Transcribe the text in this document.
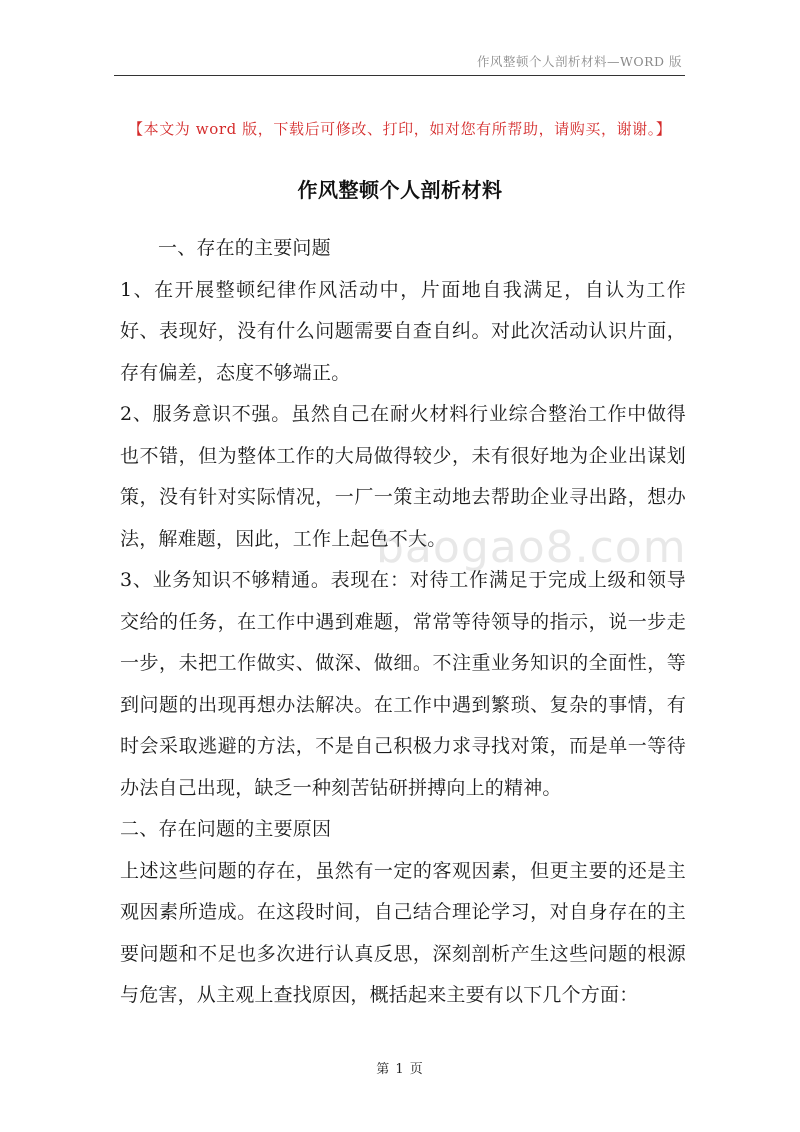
作风整顿个人剖析材料—WORD 版
【本文为 word 版，下载后可修改、打印，如对您有所帮助，请购买，谢谢。】
作风整顿个人剖析材料

一、存在的主要问题

1、在开展整顿纪律作风活动中，片面地自我满足，自认为工作好、表现好，没有什么问题需要自查自纠。对此次活动认识片面，存有偏差，态度不够端正。

2、服务意识不强。虽然自己在耐火材料行业综合整治工作中做得也不错，但为整体工作的大局做得较少，未有很好地为企业出谋划策，没有针对实际情况，一厂一策主动地去帮助企业寻出路，想办法，解难题，因此，工作上起色不大。

3、业务知识不够精通。表现在：对待工作满足于完成上级和领导交给的任务，在工作中遇到难题，常常等待领导的指示，说一步走一步，未把工作做实、做深、做细。不注重业务知识的全面性，等到问题的出现再想办法解决。在工作中遇到繁琐、复杂的事情，有时会采取逃避的方法，不是自己积极力求寻找对策，而是单一等待办法自己出现，缺乏一种刻苦钻研拼搏向上的精神。

二、存在问题的主要原因

上述这些问题的存在，虽然有一定的客观因素，但更主要的还是主观因素所造成。在这段时间，自己结合理论学习，对自身存在的主要问题和不足也多次进行认真反思，深刻剖析产生这些问题的根源与危害，从主观上查找原因，概括起来主要有以下几个方面：

baogao8.com
第 1 页
